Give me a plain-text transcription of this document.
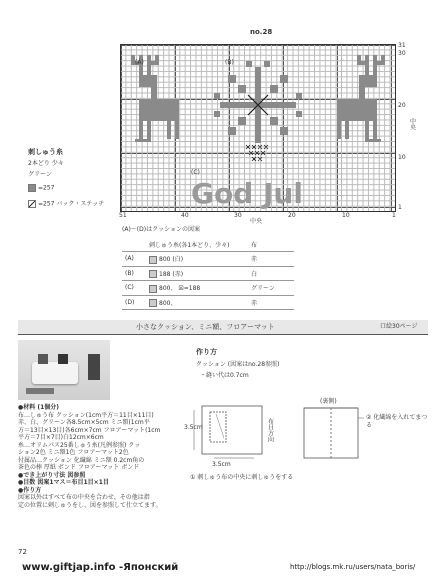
no.28
God Jul
(A)	(B)
(C)
31
30
20
10
1
中央
51	40	30	20	10	1
中央
刺しゅう糸
2本どり 少々
グリーン
=257
=257 バック・ステッチ
(A)～(D)はクッションの図案
	刺しゅう糸(各1本どり、少々)	布
(A)	800 (白)	赤
(B)	188 (赤)	白
(C)	800、 ☒=188	グリーン
(D)	800、	赤
小さなクッション、ミニ額、フロアーマット	口絵30ページ
●材料 (1個分)
布…しゅう布 クッション(1cm平方＝11目×11目)
赤、白、グリーン各8.5cm×5cm ミニ額(1cm平
方＝13目×13目)各6cm×7cm フロアーマット(1cm
平方＝7目×7目)白12cm×6cm
糸…オリムパス25番しゅう糸(凡例参照) クッ
ション2色 ミニ額1色 フロアーマット2色
付属品…クッション 化繊綿 ミニ額 0.2cm角の
茶色の棒 厚紙 ボンド フロアーマット ボンド
●でき上がり寸法 図参照
●目数 図案1マス＝布目1目×1目
●作り方
図案以外はすべて布の中央を合わせ、その他は指
定の位置に刺しゅうをし、図を参照して仕立てます。
作り方
クッション (図案はno.28参照)
・縫い代は0.7cm
3.5cm
3.5cm
布目方向
(裏側)
② 化繊綿を入れてまつる
① 刺しゅう布の中央に刺しゅうをする
72
www.giftjap.info -Японский	http://blogs.mk.ru/users/nata_boris/
